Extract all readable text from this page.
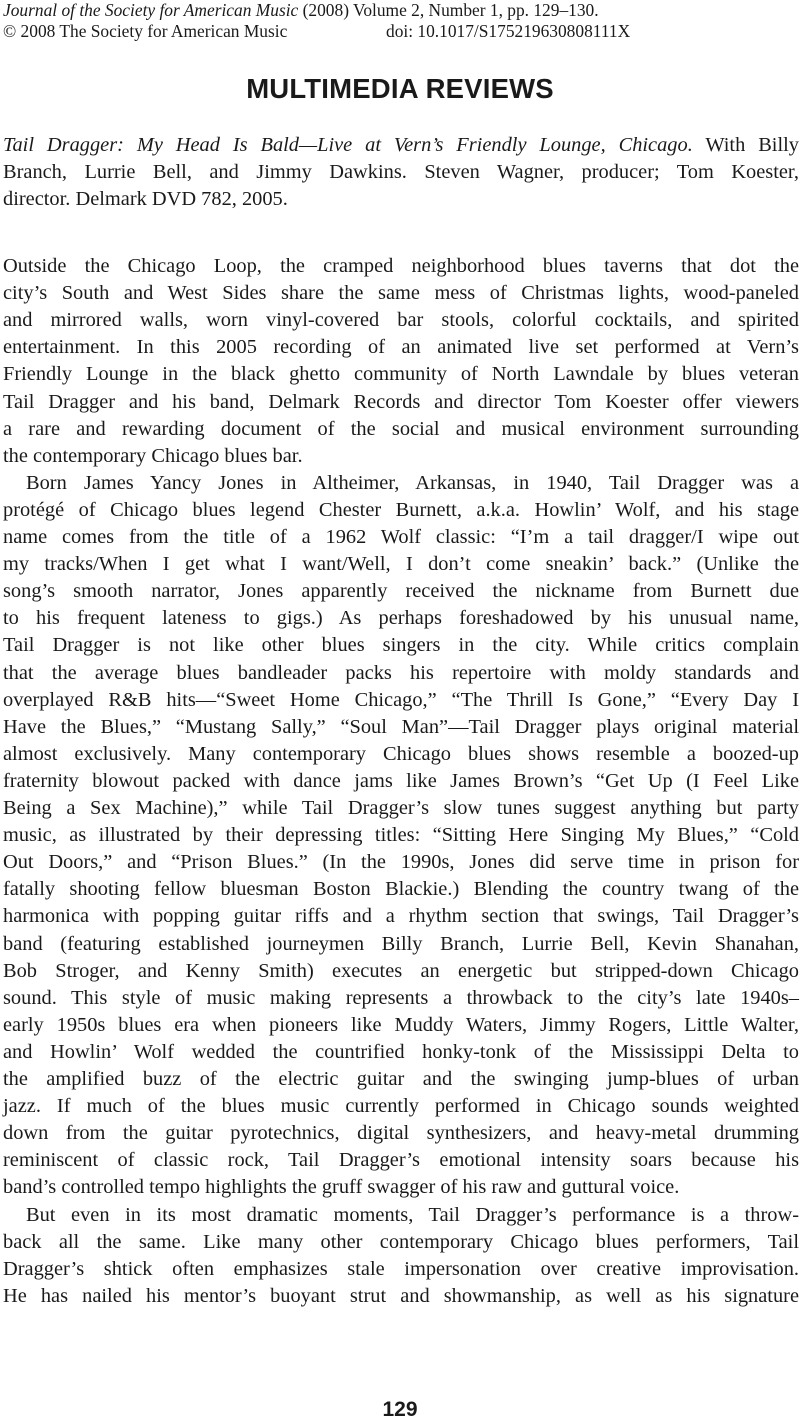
Journal of the Society for American Music (2008) Volume 2, Number 1, pp. 129–130.
© 2008 The Society for American Music	doi: 10.1017/S175219630808111X
MULTIMEDIA REVIEWS
Tail Dragger: My Head Is Bald—Live at Vern’s Friendly Lounge, Chicago. With Billy
Branch, Lurrie Bell, and Jimmy Dawkins. Steven Wagner, producer; Tom Koester,
director. Delmark DVD 782, 2005.
Outside the Chicago Loop, the cramped neighborhood blues taverns that dot the
city’s South and West Sides share the same mess of Christmas lights, wood-paneled
and mirrored walls, worn vinyl-covered bar stools, colorful cocktails, and spirited
entertainment. In this 2005 recording of an animated live set performed at Vern’s
Friendly Lounge in the black ghetto community of North Lawndale by blues veteran
Tail Dragger and his band, Delmark Records and director Tom Koester offer viewers
a rare and rewarding document of the social and musical environment surrounding
the contemporary Chicago blues bar.
Born James Yancy Jones in Altheimer, Arkansas, in 1940, Tail Dragger was a
protégé of Chicago blues legend Chester Burnett, a.k.a. Howlin’ Wolf, and his stage
name comes from the title of a 1962 Wolf classic: “I’m a tail dragger/I wipe out
my tracks/When I get what I want/Well, I don’t come sneakin’ back.” (Unlike the
song’s smooth narrator, Jones apparently received the nickname from Burnett due
to his frequent lateness to gigs.) As perhaps foreshadowed by his unusual name,
Tail Dragger is not like other blues singers in the city. While critics complain
that the average blues bandleader packs his repertoire with moldy standards and
overplayed R&B hits—“Sweet Home Chicago,” “The Thrill Is Gone,” “Every Day I
Have the Blues,” “Mustang Sally,” “Soul Man”—Tail Dragger plays original material
almost exclusively. Many contemporary Chicago blues shows resemble a boozed-up
fraternity blowout packed with dance jams like James Brown’s “Get Up (I Feel Like
Being a Sex Machine),” while Tail Dragger’s slow tunes suggest anything but party
music, as illustrated by their depressing titles: “Sitting Here Singing My Blues,” “Cold
Out Doors,” and “Prison Blues.” (In the 1990s, Jones did serve time in prison for
fatally shooting fellow bluesman Boston Blackie.) Blending the country twang of the
harmonica with popping guitar riffs and a rhythm section that swings, Tail Dragger’s
band (featuring established journeymen Billy Branch, Lurrie Bell, Kevin Shanahan,
Bob Stroger, and Kenny Smith) executes an energetic but stripped-down Chicago
sound. This style of music making represents a throwback to the city’s late 1940s–
early 1950s blues era when pioneers like Muddy Waters, Jimmy Rogers, Little Walter,
and Howlin’ Wolf wedded the countrified honky-tonk of the Mississippi Delta to
the amplified buzz of the electric guitar and the swinging jump-blues of urban
jazz. If much of the blues music currently performed in Chicago sounds weighted
down from the guitar pyrotechnics, digital synthesizers, and heavy-metal drumming
reminiscent of classic rock, Tail Dragger’s emotional intensity soars because his
band’s controlled tempo highlights the gruff swagger of his raw and guttural voice.
But even in its most dramatic moments, Tail Dragger’s performance is a throw-
back all the same. Like many other contemporary Chicago blues performers, Tail
Dragger’s shtick often emphasizes stale impersonation over creative improvisation.
He has nailed his mentor’s buoyant strut and showmanship, as well as his signature
129
